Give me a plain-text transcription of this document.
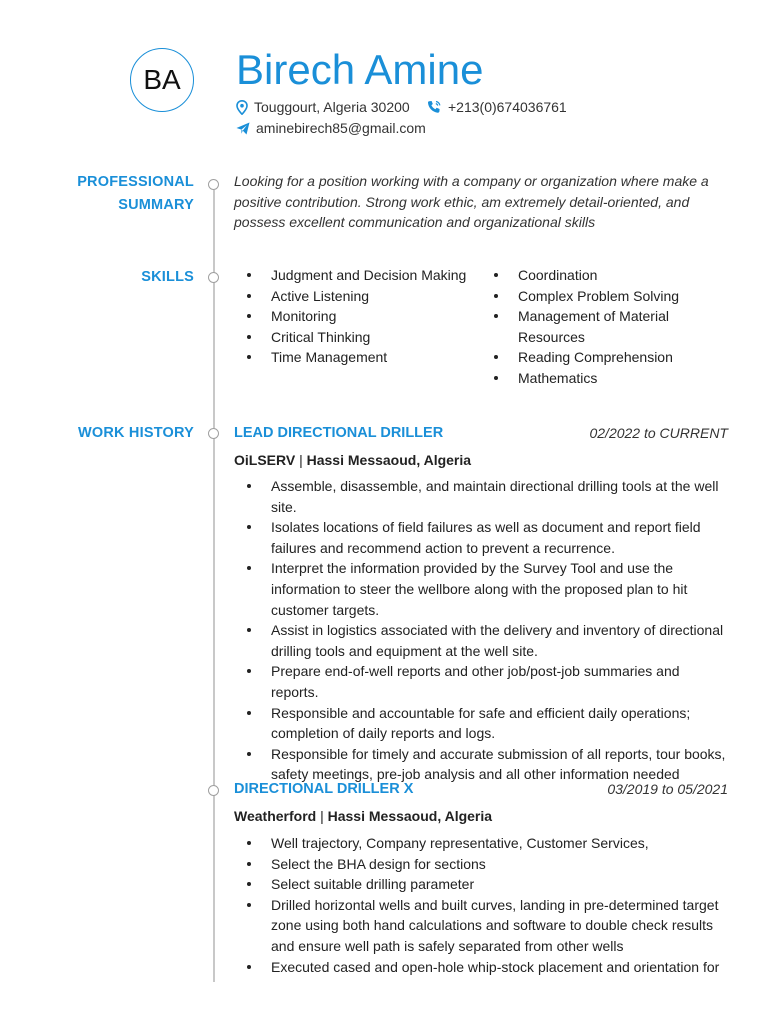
BA Birech Amine
Touggourt, Algeria 30200	+213(0)674036761
aminebirech85@gmail.com
PROFESSIONAL
SUMMARY
SKILLS
WORK HISTORY
Looking for a position working with a company or organization where make a positive contribution. Strong work ethic, am extremely detail-oriented, and possess excellent communication and organizational skills
Judgment and Decision Making
Active Listening
Monitoring
Critical Thinking
Time Management
Coordination
Complex Problem Solving
Management of Material Resources
Reading Comprehension
Mathematics
LEAD DIRECTIONAL DRILLER	02/2022 to CURRENT
OiLSERV | Hassi Messaoud, Algeria
Assemble, disassemble, and maintain directional drilling tools at the well site.
Isolates locations of field failures as well as document and report field failures and recommend action to prevent a recurrence.
Interpret the information provided by the Survey Tool and use the information to steer the wellbore along with the proposed plan to hit customer targets.
Assist in logistics associated with the delivery and inventory of directional drilling tools and equipment at the well site.
Prepare end-of-well reports and other job/post-job summaries and reports.
Responsible and accountable for safe and efficient daily operations; completion of daily reports and logs.
Responsible for timely and accurate submission of all reports, tour books, safety meetings, pre-job analysis and all other information needed
DIRECTIONAL DRILLER X	03/2019 to 05/2021
Weatherford | Hassi Messaoud, Algeria
Well trajectory, Company representative, Customer Services,
Select the BHA design for sections
Select suitable drilling parameter
Drilled horizontal wells and built curves, landing in pre-determined target zone using both hand calculations and software to double check results and ensure well path is safely separated from other wells
Executed cased and open-hole whip-stock placement and orientation for
